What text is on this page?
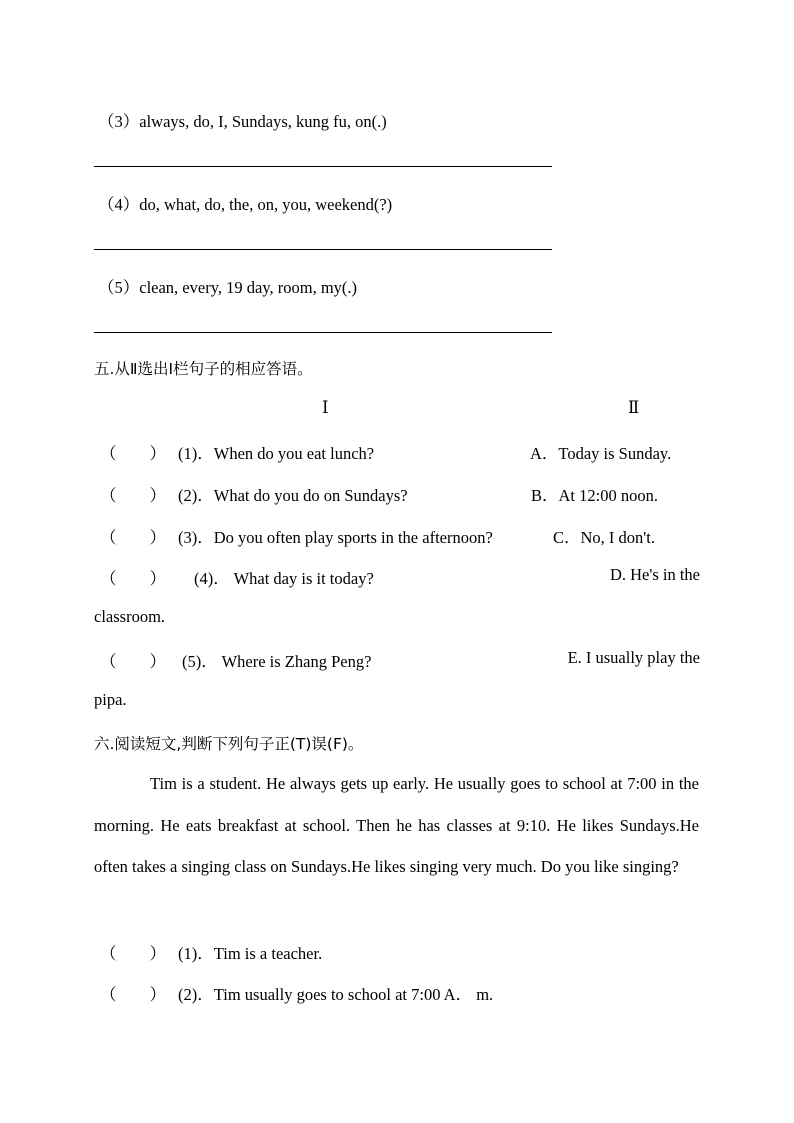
（3）always, do, I, Sundays, kung fu, on(.)
（4）do, what, do, the, on, you, weekend(?)
（5）clean, every, 19 day, room, my(.)
五.从Ⅱ选出Ⅰ栏句子的相应答语。
Ⅰ	Ⅱ
（　　） (1)．When do you eat lunch?	A．Today is Sunday.
（　　） (2)．What do you do on Sundays?	B．At 12:00 noon.
（　　） (3)．Do you often play sports in the afternoon?	C．No, I don't.
（　　） (4)． What day is it today?	D. He's in the
classroom.
（　　） (5)． Where is Zhang Peng?	E. I usually play the
pipa.
六.阅读短文,判断下列句子正(T)误(F)。
Tim is a student. He always gets up early. He usually goes to school at 7:00 in the morning. He eats breakfast at school. Then he has classes at 9:10. He likes Sundays.He often takes a singing class on Sundays.He likes singing very much. Do you like singing?
（　　） (1)．Tim is a teacher.
（　　） (2)．Tim usually goes to school at 7:00 A． m.
